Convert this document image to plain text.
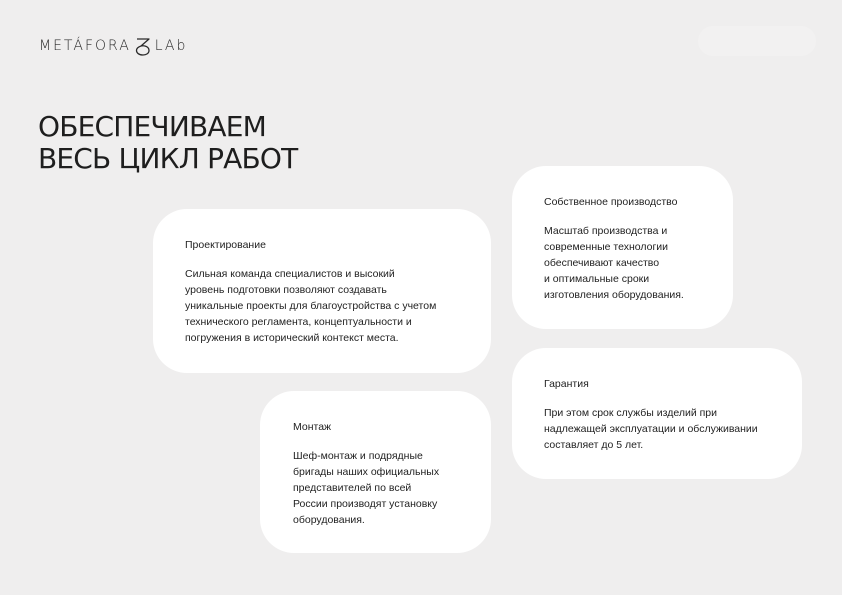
METÁFORA LAb
ОБЕСПЕЧИВАЕМ
ВЕСЬ ЦИКЛ РАБОТ
Собственное производство

Масштаб производства и
современные технологии
обеспечивают качество
и оптимальные сроки
изготовления оборудования.

Проектирование

Сильная команда специалистов и высокий
уровень подготовки позволяют создавать
уникальные проекты для благоустройства с учетом
технического регламента, концептуальности и
погружения в исторический контекст места.

Гарантия

При этом срок службы изделий при
надлежащей эксплуатации и обслуживании
составляет до 5 лет.

Монтаж

Шеф-монтаж и подрядные
бригады наших официальных
представителей по всей
России производят установку
оборудования.
